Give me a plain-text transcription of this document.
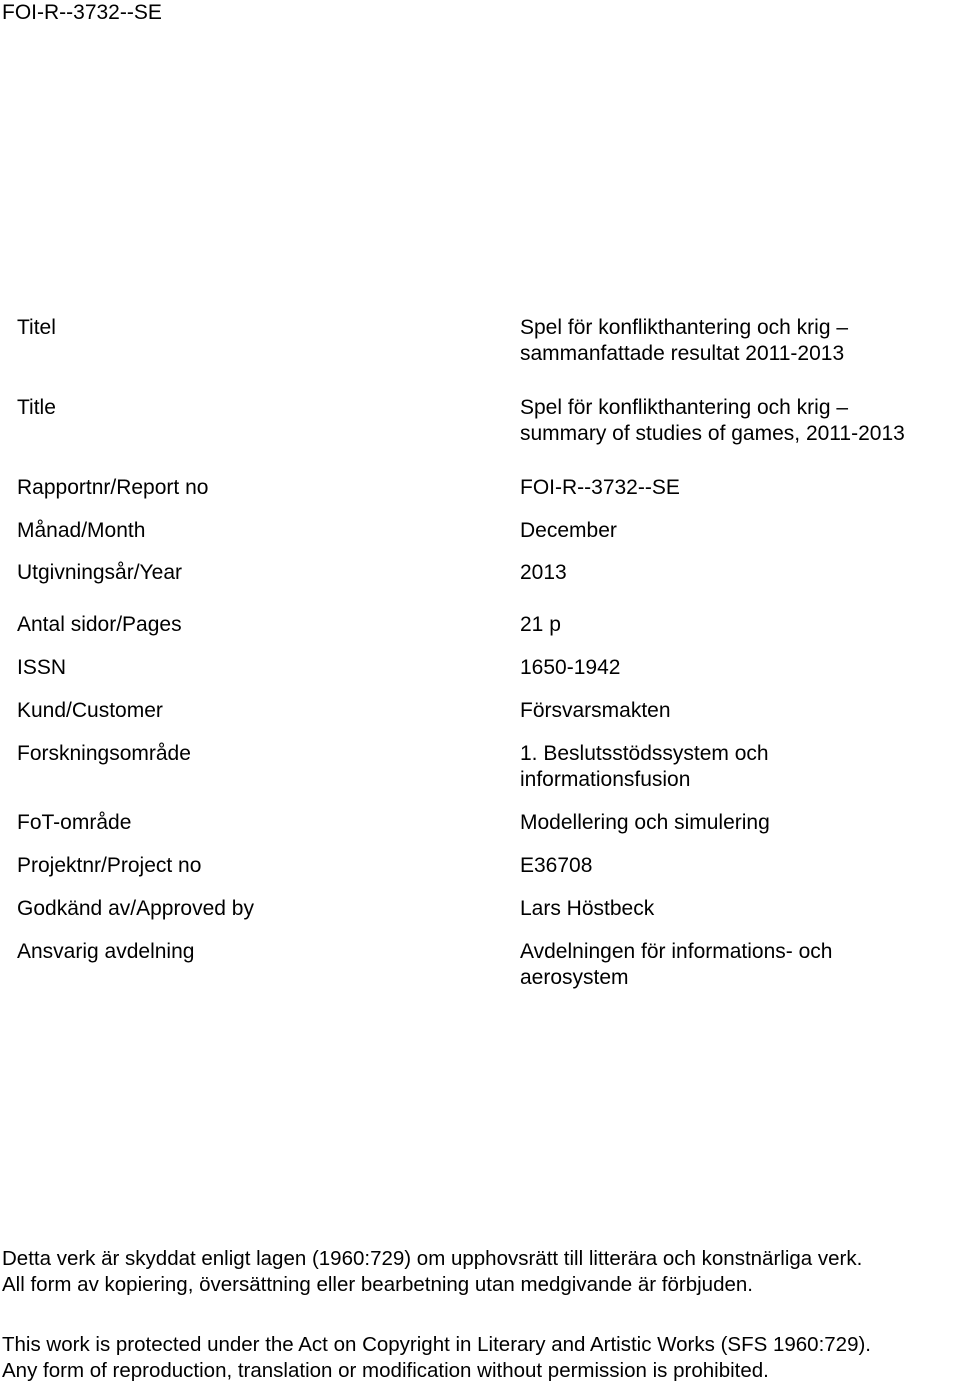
FOI-R--3732--SE
Titel	Spel för konflikthantering och krig –
sammanfattade resultat 2011-2013
Title	Spel för konflikthantering och krig –
summary of studies of games, 2011-2013
Rapportnr/Report no	FOI-R--3732--SE
Månad/Month	December
Utgivningsår/Year	2013
Antal sidor/Pages	21 p
ISSN	1650-1942
Kund/Customer	Försvarsmakten
Forskningsområde	1. Beslutsstödssystem och
informationsfusion
FoT-område	Modellering och simulering
Projektnr/Project no	E36708
Godkänd av/Approved by	Lars Höstbeck
Ansvarig avdelning	Avdelningen för informations- och
aerosystem
Detta verk är skyddat enligt lagen (1960:729) om upphovsrätt till litterära och konstnärliga verk.
All form av kopiering, översättning eller bearbetning utan medgivande är förbjuden.
This work is protected under the Act on Copyright in Literary and Artistic Works (SFS 1960:729).
Any form of reproduction, translation or modification without permission is prohibited.
